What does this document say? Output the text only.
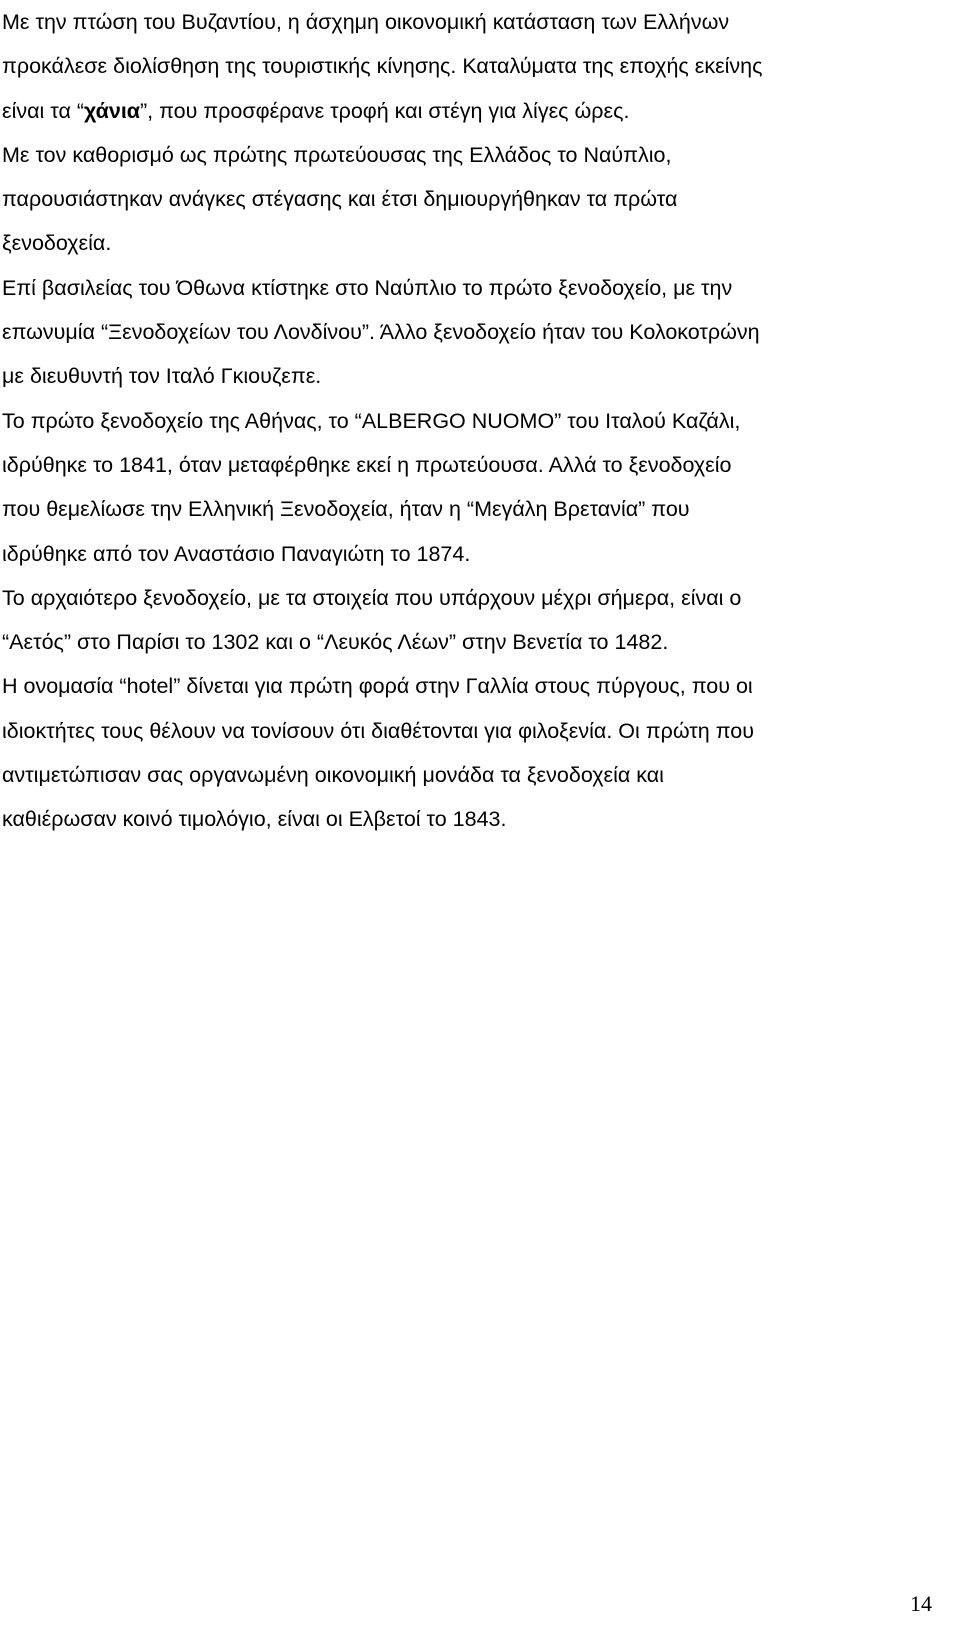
Με την πτώση του Βυζαντίου, η άσχημη οικονομική κατάσταση των Ελλήνων
προκάλεσε διολίσθηση της τουριστικής κίνησης. Καταλύματα της εποχής εκείνης
είναι τα “χάνια”, που προσφέρανε τροφή και στέγη για λίγες ώρες.
Με τον καθορισμό ως πρώτης πρωτεύουσας της Ελλάδος το Ναύπλιο,
παρουσιάστηκαν ανάγκες στέγασης και έτσι δημιουργήθηκαν τα πρώτα
ξενοδοχεία.
Επί βασιλείας του Όθωνα κτίστηκε στο Ναύπλιο το πρώτο ξενοδοχείο, με την
επωνυμία “Ξενοδοχείων του Λονδίνου”. Άλλο ξενοδοχείο ήταν του Κολοκοτρώνη
με διευθυντή τον Ιταλό Γκιουζεπε.
Το πρώτο ξενοδοχείο της Αθήνας, το “ALBERGO NUOMO” του Ιταλού Καζάλι,
ιδρύθηκε το 1841, όταν μεταφέρθηκε εκεί η πρωτεύουσα. Αλλά το ξενοδοχείο
που θεμελίωσε την Ελληνική Ξενοδοχεία, ήταν η “Μεγάλη Βρετανία” που
ιδρύθηκε από τον Αναστάσιο Παναγιώτη το 1874.
Το αρχαιότερο ξενοδοχείο, με τα στοιχεία που υπάρχουν μέχρι σήμερα, είναι ο
“Αετός” στο Παρίσι το 1302 και ο “Λευκός Λέων” στην Βενετία το 1482.
Η ονομασία “hotel” δίνεται για πρώτη φορά στην Γαλλία στους πύργους, που οι
ιδιοκτήτες τους θέλουν να τονίσουν ότι διαθέτονται για φιλοξενία. Οι πρώτη που
αντιμετώπισαν σας οργανωμένη οικονομική μονάδα τα ξενοδοχεία και
καθιέρωσαν κοινό τιμολόγιο, είναι οι Ελβετοί το 1843.
14
